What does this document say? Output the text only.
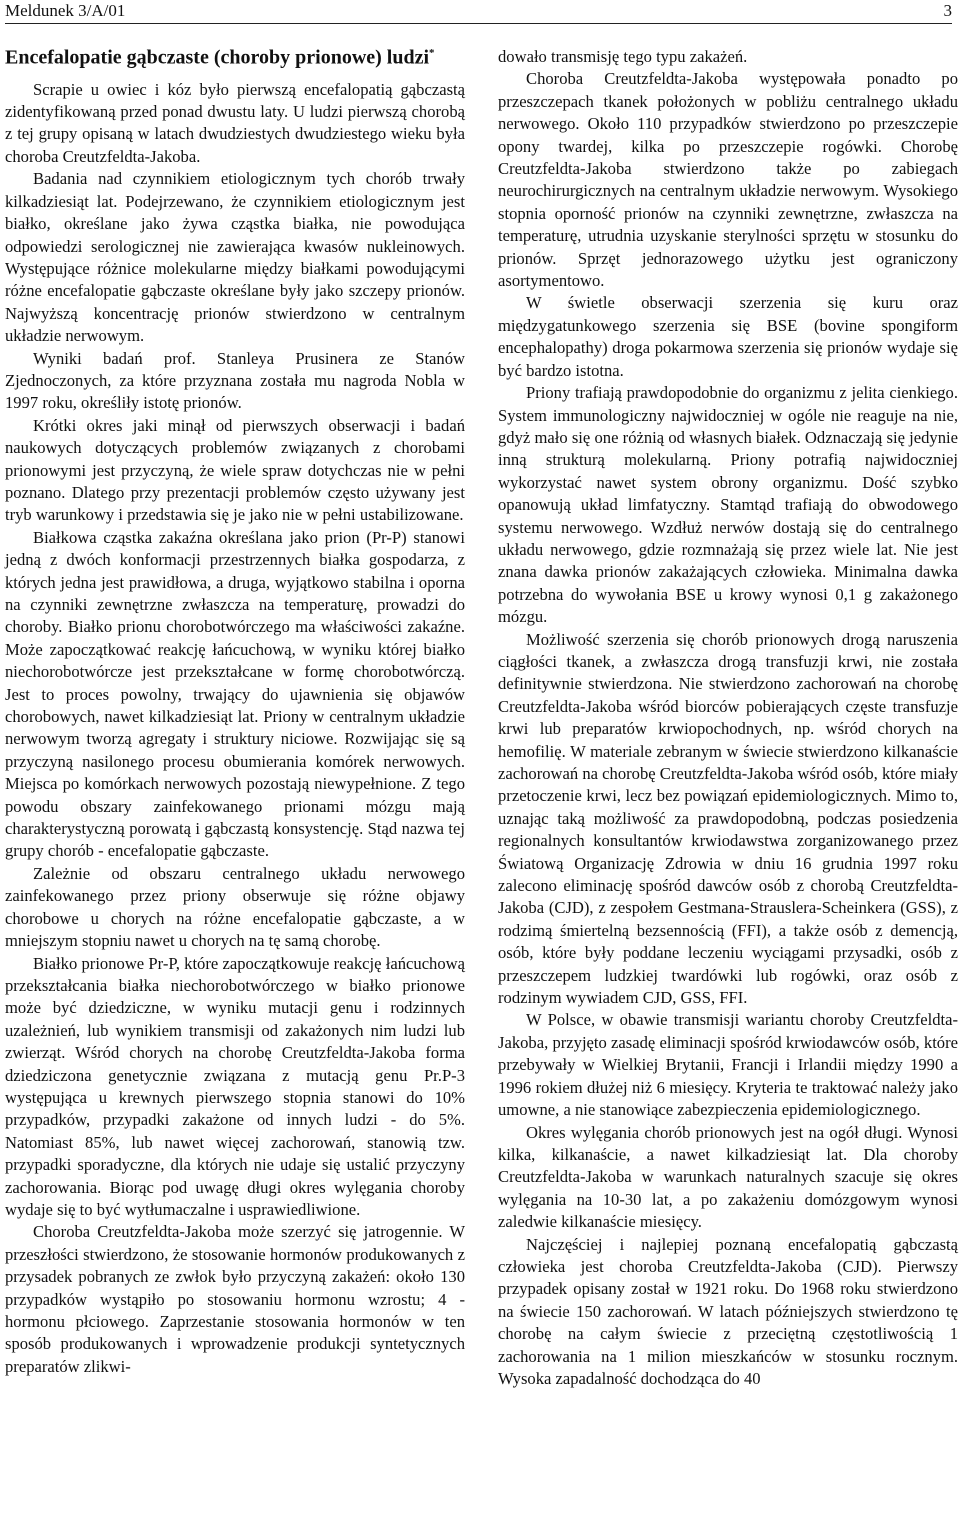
Meldunek 3/A/01	3
Encefalopatie gąbczaste (choroby prionowe) ludzi*

Scrapie u owiec i kóz było pierwszą encefalopatią gąbczastą zidentyfikowaną przed ponad dwustu laty. U ludzi pierwszą chorobą z tej grupy opisaną w latach dwudziestych dwudziestego wieku była choroba Creutzfeldta-Jakoba.

Badania nad czynnikiem etiologicznym tych chorób trwały kilkadziesiąt lat. Podejrzewano, że czynnikiem etiologicznym jest białko, określane jako żywa cząstka białka, nie powodująca odpowiedzi serologicznej nie zawierająca kwasów nukleinowych. Występujące różnice molekularne między białkami powodującymi różne encefalopatie gąbczaste określane były jako szczepy prionów. Najwyższą koncentrację prionów stwierdzono w centralnym układzie nerwowym.

Wyniki badań prof. Stanleya Prusinera ze Stanów Zjednoczonych, za które przyznana została mu nagroda Nobla w 1997 roku, określiły istotę prionów.

Krótki okres jaki minął od pierwszych obserwacji i badań naukowych dotyczących problemów związanych z chorobami prionowymi jest przyczyną, że wiele spraw dotychczas nie w pełni poznano. Dlatego przy prezentacji problemów często używany jest tryb warunkowy i przedstawia się je jako nie w pełni ustabilizowane.

Białkowa cząstka zakaźna określana jako prion (Pr-P) stanowi jedną z dwóch konformacji przestrzennych białka gospodarza, z których jedna jest prawidłowa, a druga, wyjątkowo stabilna i oporna na czynniki zewnętrzne zwłaszcza na temperaturę, prowadzi do choroby. Białko prionu chorobotwórczego ma właściwości zakaźne. Może zapoczątkować reakcję łańcuchową, w wyniku której białko niechorobotwórcze jest przekształcane w formę chorobotwórczą. Jest to proces powolny, trwający do ujawnienia się objawów chorobowych, nawet kilkadziesiąt lat. Priony w centralnym układzie nerwowym tworzą agregaty i struktury niciowe. Rozwijając się są przyczyną nasilonego procesu obumierania komórek nerwowych. Miejsca po komórkach nerwowych pozostają niewypełnione. Z tego powodu obszary zainfekowanego prionami mózgu mają charakterystyczną porowatą i gąbczastą konsystencję. Stąd nazwa tej grupy chorób - encefalopatie gąbczaste.

Zależnie od obszaru centralnego układu nerwowego zainfekowanego przez priony obserwuje się różne objawy chorobowe u chorych na różne encefalopatie gąbczaste, a w mniejszym stopniu nawet u chorych na tę samą chorobę.

Białko prionowe Pr-P, które zapoczątkowuje reakcję łańcuchową przekształcania białka niechorobotwórczego w białko prionowe może być dziedziczne, w wyniku mutacji genu i rodzinnych uzależnień, lub wynikiem transmisji od zakażonych nim ludzi lub zwierząt. Wśród chorych na chorobę Creutzfeldta-Jakoba forma dziedziczona genetycznie związana z mutacją genu Pr.P-3 występująca u krewnych pierwszego stopnia stanowi do 10% przypadków, przypadki zakażone od innych ludzi - do 5%. Natomiast 85%, lub nawet więcej zachorowań, stanowią tzw. przypadki sporadyczne, dla których nie udaje się ustalić przyczyny zachorowania. Biorąc pod uwagę długi okres wylęgania choroby wydaje się to być wytłumaczalne i usprawiedliwione.

Choroba Creutzfeldta-Jakoba może szerzyć się jatrogennie. W przeszłości stwierdzono, że stosowanie hormonów produkowanych z przysadek pobranych ze zwłok było przyczyną zakażeń: około 130 przypadków wystąpiło po stosowaniu hormonu wzrostu; 4 - hormonu płciowego. Zaprzestanie stosowania hormonów w ten sposób produkowanych i wprowadzenie produkcji syntetycznych preparatów zlikwi-

dowało transmisję tego typu zakażeń.

Choroba Creutzfeldta-Jakoba występowała ponadto po przeszczepach tkanek położonych w pobliżu centralnego układu nerwowego. Około 110 przypadków stwierdzono po przeszczepie opony twardej, kilka po przeszczepie rogówki. Chorobę Creutzfeldta-Jakoba stwierdzono także po zabiegach neurochirurgicznych na centralnym układzie nerwowym. Wysokiego stopnia oporność prionów na czynniki zewnętrzne, zwłaszcza na temperaturę, utrudnia uzyskanie sterylności sprzętu w stosunku do prionów. Sprzęt jednorazowego użytku jest ograniczony asortymentowo.

W świetle obserwacji szerzenia się kuru oraz międzygatunkowego szerzenia się BSE (bovine spongiform encephalopathy) droga pokarmowa szerzenia się prionów wydaje się być bardzo istotna.

Priony trafiają prawdopodobnie do organizmu z jelita cienkiego. System immunologiczny najwidoczniej w ogóle nie reaguje na nie, gdyż mało się one różnią od własnych białek. Odznaczają się jedynie inną strukturą molekularną. Priony potrafią najwidoczniej wykorzystać nawet system obrony organizmu. Dość szybko opanowują układ limfatyczny. Stamtąd trafiają do obwodowego systemu nerwowego. Wzdłuż nerwów dostają się do centralnego układu nerwowego, gdzie rozmnażają się przez wiele lat. Nie jest znana dawka prionów zakażających człowieka. Minimalna dawka potrzebna do wywołania BSE u krowy wynosi 0,1 g zakażonego mózgu.

Możliwość szerzenia się chorób prionowych drogą naruszenia ciągłości tkanek, a zwłaszcza drogą transfuzji krwi, nie została definitywnie stwierdzona. Nie stwierdzono zachorowań na chorobę Creutzfeldta-Jakoba wśród biorców pobierających częste transfuzje krwi lub preparatów krwiopochodnych, np. wśród chorych na hemofilię. W materiale zebranym w świecie stwierdzono kilkanaście zachorowań na chorobę Creutzfeldta-Jakoba wśród osób, które miały przetoczenie krwi, lecz bez powiązań epidemiologicznych. Mimo to, uznając taką możliwość za prawdopodobną, podczas posiedzenia regionalnych konsultantów krwiodawstwa zorganizowanego przez Światową Organizację Zdrowia w dniu 16 grudnia 1997 roku zalecono eliminację spośród dawców osób z chorobą Creutzfeldta-Jakoba (CJD), z zespołem Gestmana-Strauslera-Scheinkera (GSS), z rodzimą śmiertelną bezsennością (FFI), a także osób z demencją, osób, które były poddane leczeniu wyciągami przysadki, osób z przeszczepem ludzkiej twardówki lub rogówki, oraz osób z rodzinym wywiadem CJD, GSS, FFI.

W Polsce, w obawie transmisji wariantu choroby Creutzfeldta-Jakoba, przyjęto zasadę eliminacji spośród krwiodawców osób, które przebywały w Wielkiej Brytanii, Francji i Irlandii między 1990 a 1996 rokiem dłużej niż 6 miesięcy. Kryteria te traktować należy jako umowne, a nie stanowiące zabezpieczenia epidemiologicznego.

Okres wylęgania chorób prionowych jest na ogół długi. Wynosi kilka, kilkanaście, a nawet kilkadziesiąt lat. Dla choroby Creutzfeldta-Jakoba w warunkach naturalnych szacuje się okres wylęgania na 10-30 lat, a po zakażeniu domózgowym wynosi zaledwie kilkanaście miesięcy.

Najczęściej i najlepiej poznaną encefalopatią gąbczastą człowieka jest choroba Creutzfeldta-Jakoba (CJD). Pierwszy przypadek opisany został w 1921 roku. Do 1968 roku stwierdzono na świecie 150 zachorowań. W latach późniejszych stwierdzono tę chorobę na całym świecie z przeciętną częstotliwością 1 zachorowania na 1 milion mieszkańców w stosunku rocznym. Wysoka zapadalność dochodząca do 40
